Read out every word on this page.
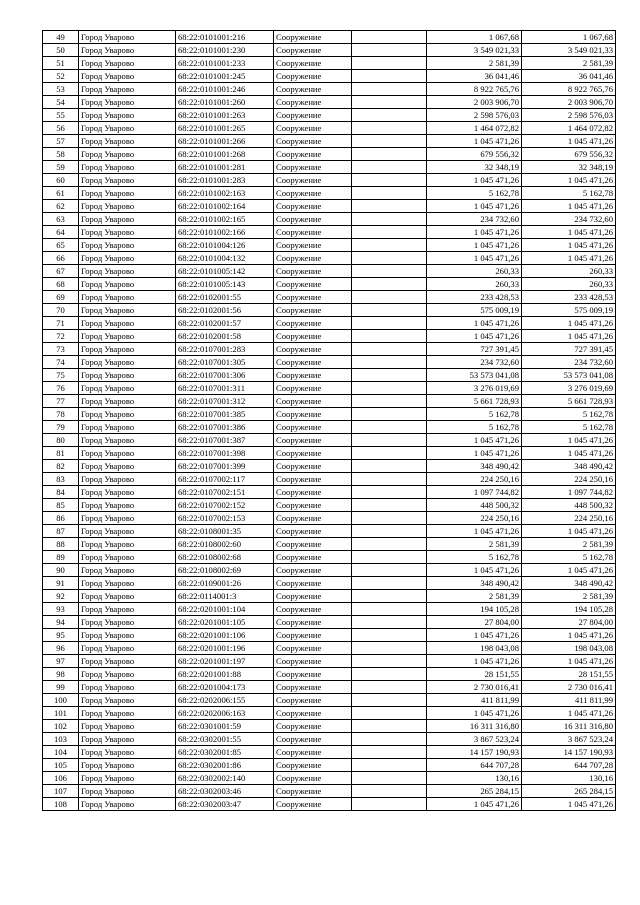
49	Город Уварово	68:22:0101001:216	Сооружение		1 067,68	1 067,68
50	Город Уварово	68:22:0101001:230	Сооружение		3 549 021,33	3 549 021,33
51	Город Уварово	68:22:0101001:233	Сооружение		2 581,39	2 581,39
52	Город Уварово	68:22:0101001:245	Сооружение		36 041,46	36 041,46
53	Город Уварово	68:22:0101001:246	Сооружение		8 922 765,76	8 922 765,76
54	Город Уварово	68:22:0101001:260	Сооружение		2 003 906,70	2 003 906,70
55	Город Уварово	68:22:0101001:263	Сооружение		2 598 576,03	2 598 576,03
56	Город Уварово	68:22:0101001:265	Сооружение		1 464 072,82	1 464 072,82
57	Город Уварово	68:22:0101001:266	Сооружение		1 045 471,26	1 045 471,26
58	Город Уварово	68:22:0101001:268	Сооружение		679 556,32	679 556,32
59	Город Уварово	68:22:0101001:281	Сооружение		32 348,19	32 348,19
60	Город Уварово	68:22:0101001:283	Сооружение		1 045 471,26	1 045 471,26
61	Город Уварово	68:22:0101002:163	Сооружение		5 162,78	5 162,78
62	Город Уварово	68:22:0101002:164	Сооружение		1 045 471,26	1 045 471,26
63	Город Уварово	68:22:0101002:165	Сооружение		234 732,60	234 732,60
64	Город Уварово	68:22:0101002:166	Сооружение		1 045 471,26	1 045 471,26
65	Город Уварово	68:22:0101004:126	Сооружение		1 045 471,26	1 045 471,26
66	Город Уварово	68:22:0101004:132	Сооружение		1 045 471,26	1 045 471,26
67	Город Уварово	68:22:0101005:142	Сооружение		260,33	260,33
68	Город Уварово	68:22:0101005:143	Сооружение		260,33	260,33
69	Город Уварово	68:22:0102001:55	Сооружение		233 428,53	233 428,53
70	Город Уварово	68:22:0102001:56	Сооружение		575 009,19	575 009,19
71	Город Уварово	68:22:0102001:57	Сооружение		1 045 471,26	1 045 471,26
72	Город Уварово	68:22:0102001:58	Сооружение		1 045 471,26	1 045 471,26
73	Город Уварово	68:22:0107001:283	Сооружение		727 391,45	727 391,45
74	Город Уварово	68:22:0107001:305	Сооружение		234 732,60	234 732,60
75	Город Уварово	68:22:0107001:306	Сооружение		53 573 041,08	53 573 041,08
76	Город Уварово	68:22:0107001:311	Сооружение		3 276 019,69	3 276 019,69
77	Город Уварово	68:22:0107001:312	Сооружение		5 661 728,93	5 661 728,93
78	Город Уварово	68:22:0107001:385	Сооружение		5 162,78	5 162,78
79	Город Уварово	68:22:0107001:386	Сооружение		5 162,78	5 162,78
80	Город Уварово	68:22:0107001:387	Сооружение		1 045 471,26	1 045 471,26
81	Город Уварово	68:22:0107001:398	Сооружение		1 045 471,26	1 045 471,26
82	Город Уварово	68:22:0107001:399	Сооружение		348 490,42	348 490,42
83	Город Уварово	68:22:0107002:117	Сооружение		224 250,16	224 250,16
84	Город Уварово	68:22:0107002:151	Сооружение		1 097 744,82	1 097 744,82
85	Город Уварово	68:22:0107002:152	Сооружение		448 500,32	448 500,32
86	Город Уварово	68:22:0107002:153	Сооружение		224 250,16	224 250,16
87	Город Уварово	68:22:0108001:35	Сооружение		1 045 471,26	1 045 471,26
88	Город Уварово	68:22:0108002:60	Сооружение		2 581,39	2 581,39
89	Город Уварово	68:22:0108002:68	Сооружение		5 162,78	5 162,78
90	Город Уварово	68:22:0108002:69	Сооружение		1 045 471,26	1 045 471,26
91	Город Уварово	68:22:0109001:26	Сооружение		348 490,42	348 490,42
92	Город Уварово	68:22:0114001:3	Сооружение		2 581,39	2 581,39
93	Город Уварово	68:22:0201001:104	Сооружение		194 105,28	194 105,28
94	Город Уварово	68:22:0201001:105	Сооружение		27 804,00	27 804,00
95	Город Уварово	68:22:0201001:106	Сооружение		1 045 471,26	1 045 471,26
96	Город Уварово	68:22:0201001:196	Сооружение		198 043,08	198 043,08
97	Город Уварово	68:22:0201001:197	Сооружение		1 045 471,26	1 045 471,26
98	Город Уварово	68:22:0201001:88	Сооружение		28 151,55	28 151,55
99	Город Уварово	68:22:0201004:173	Сооружение		2 730 016,41	2 730 016,41
100	Город Уварово	68:22:0202006:155	Сооружение		411 811,99	411 811,99
101	Город Уварово	68:22:0202006:163	Сооружение		1 045 471,26	1 045 471,26
102	Город Уварово	68:22:0301001:59	Сооружение		16 311 316,80	16 311 316,80
103	Город Уварово	68:22:0302001:55	Сооружение		3 867 523,24	3 867 523,24
104	Город Уварово	68:22:0302001:85	Сооружение		14 157 190,93	14 157 190,93
105	Город Уварово	68:22:0302001:86	Сооружение		644 707,28	644 707,28
106	Город Уварово	68:22:0302002:140	Сооружение		130,16	130,16
107	Город Уварово	68:22:0302003:46	Сооружение		265 284,15	265 284,15
108	Город Уварово	68:22:0302003:47	Сооружение		1 045 471,26	1 045 471,26
